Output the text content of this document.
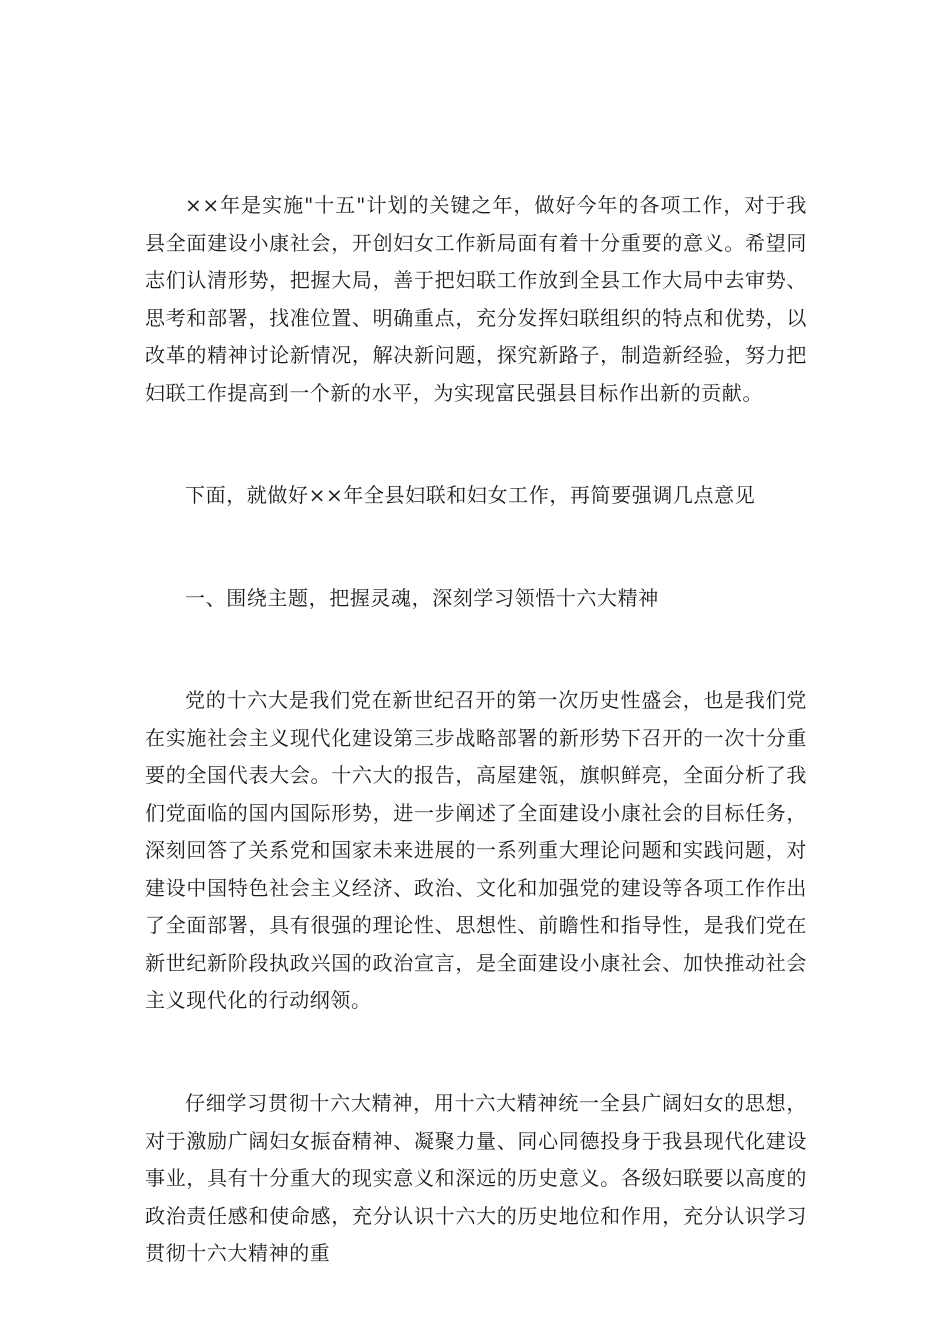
××年是实施"十五"计划的关键之年，做好今年的各项工作，对于我县全面建设小康社会，开创妇女工作新局面有着十分重要的意义。希望同志们认清形势，把握大局，善于把妇联工作放到全县工作大局中去审势、思考和部署，找准位置、明确重点，充分发挥妇联组织的特点和优势，以改革的精神讨论新情况，解决新问题，探究新路子，制造新经验，努力把妇联工作提高到一个新的水平，为实现富民强县目标作出新的贡献。

下面，就做好××年全县妇联和妇女工作，再简要强调几点意见

一、围绕主题，把握灵魂，深刻学习领悟十六大精神

党的十六大是我们党在新世纪召开的第一次历史性盛会，也是我们党在实施社会主义现代化建设第三步战略部署的新形势下召开的一次十分重要的全国代表大会。十六大的报告，高屋建瓴，旗帜鲜亮，全面分析了我们党面临的国内国际形势，进一步阐述了全面建设小康社会的目标任务，深刻回答了关系党和国家未来进展的一系列重大理论问题和实践问题，对建设中国特色社会主义经济、政治、文化和加强党的建设等各项工作作出了全面部署，具有很强的理论性、思想性、前瞻性和指导性，是我们党在新世纪新阶段执政兴国的政治宣言，是全面建设小康社会、加快推动社会主义现代化的行动纲领。

仔细学习贯彻十六大精神，用十六大精神统一全县广阔妇女的思想，对于激励广阔妇女振奋精神、凝聚力量、同心同德投身于我县现代化建设事业，具有十分重大的现实意义和深远的历史意义。各级妇联要以高度的政治责任感和使命感，充分认识十六大的历史地位和作用，充分认识学习贯彻十六大精神的重
